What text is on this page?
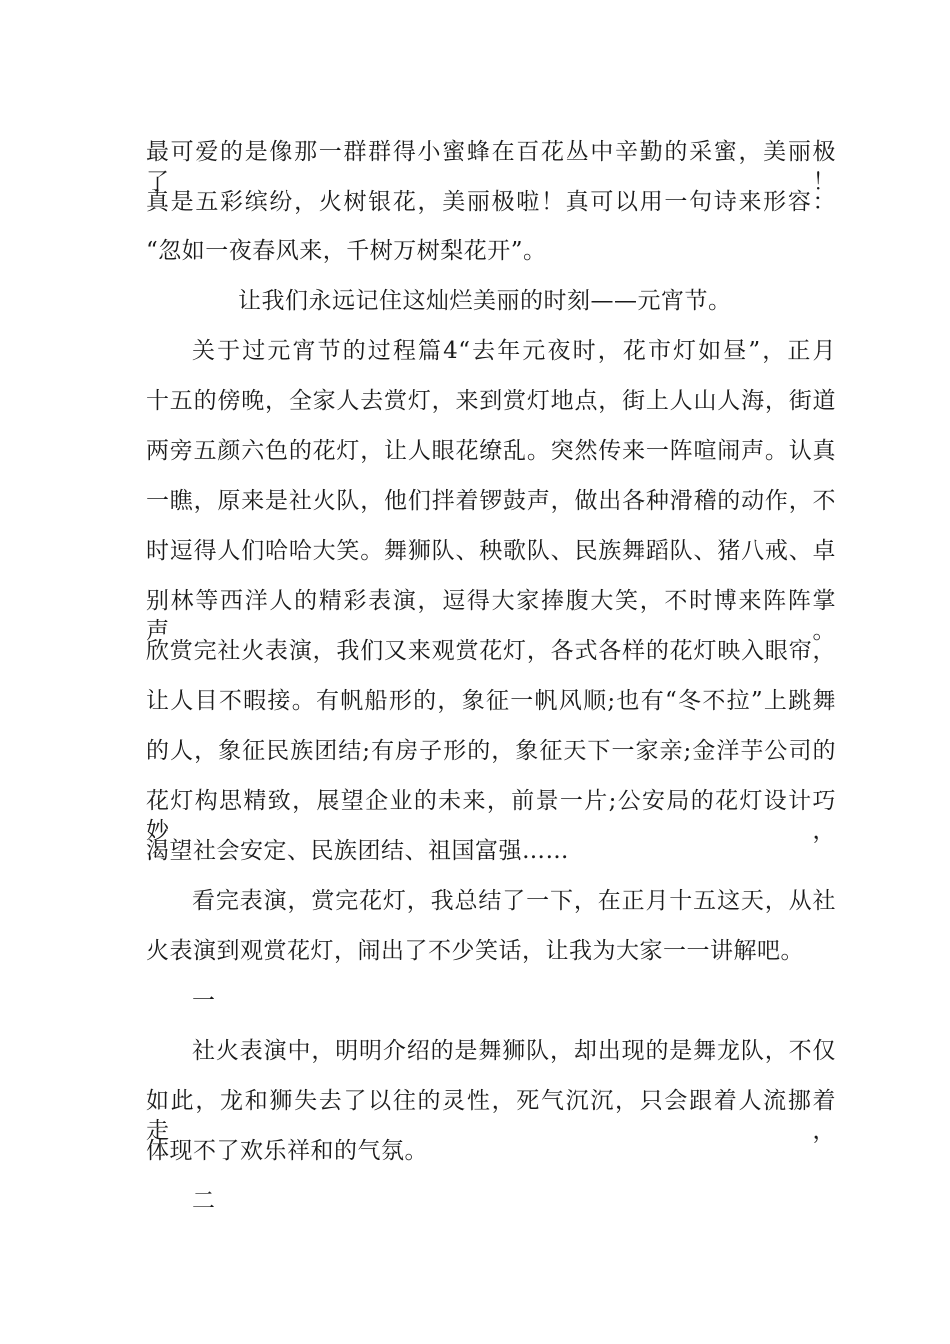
最可爱的是像那一群群得小蜜蜂在百花丛中辛勤的采蜜，美丽极了！
真是五彩缤纷，火树银花，美丽极啦！真可以用一句诗来形容：
“忽如一夜春风来，千树万树梨花开”。
让我们永远记住这灿烂美丽的时刻——元宵节。
关于过元宵节的过程篇4“去年元夜时，花市灯如昼”，正月
十五的傍晚，全家人去赏灯，来到赏灯地点，街上人山人海，街道
两旁五颜六色的花灯，让人眼花缭乱。突然传来一阵喧闹声。认真
一瞧，原来是社火队，他们拌着锣鼓声，做出各种滑稽的动作，不
时逗得人们哈哈大笑。舞狮队、秧歌队、民族舞蹈队、猪八戒、卓
别林等西洋人的精彩表演，逗得大家捧腹大笑，不时博来阵阵掌声。
欣赏完社火表演，我们又来观赏花灯，各式各样的花灯映入眼帘，
让人目不暇接。有帆船形的，象征一帆风顺;也有“冬不拉”上跳舞
的人，象征民族团结;有房子形的，象征天下一家亲;金洋芋公司的
花灯构思精致，展望企业的未来，前景一片;公安局的花灯设计巧妙，
渴望社会安定、民族团结、祖国富强……
看完表演，赏完花灯，我总结了一下，在正月十五这天，从社
火表演到观赏花灯，闹出了不少笑话，让我为大家一一讲解吧。
一
社火表演中，明明介绍的是舞狮队，却出现的是舞龙队，不仅
如此，龙和狮失去了以往的灵性，死气沉沉，只会跟着人流挪着走，
体现不了欢乐祥和的气氛。
二
